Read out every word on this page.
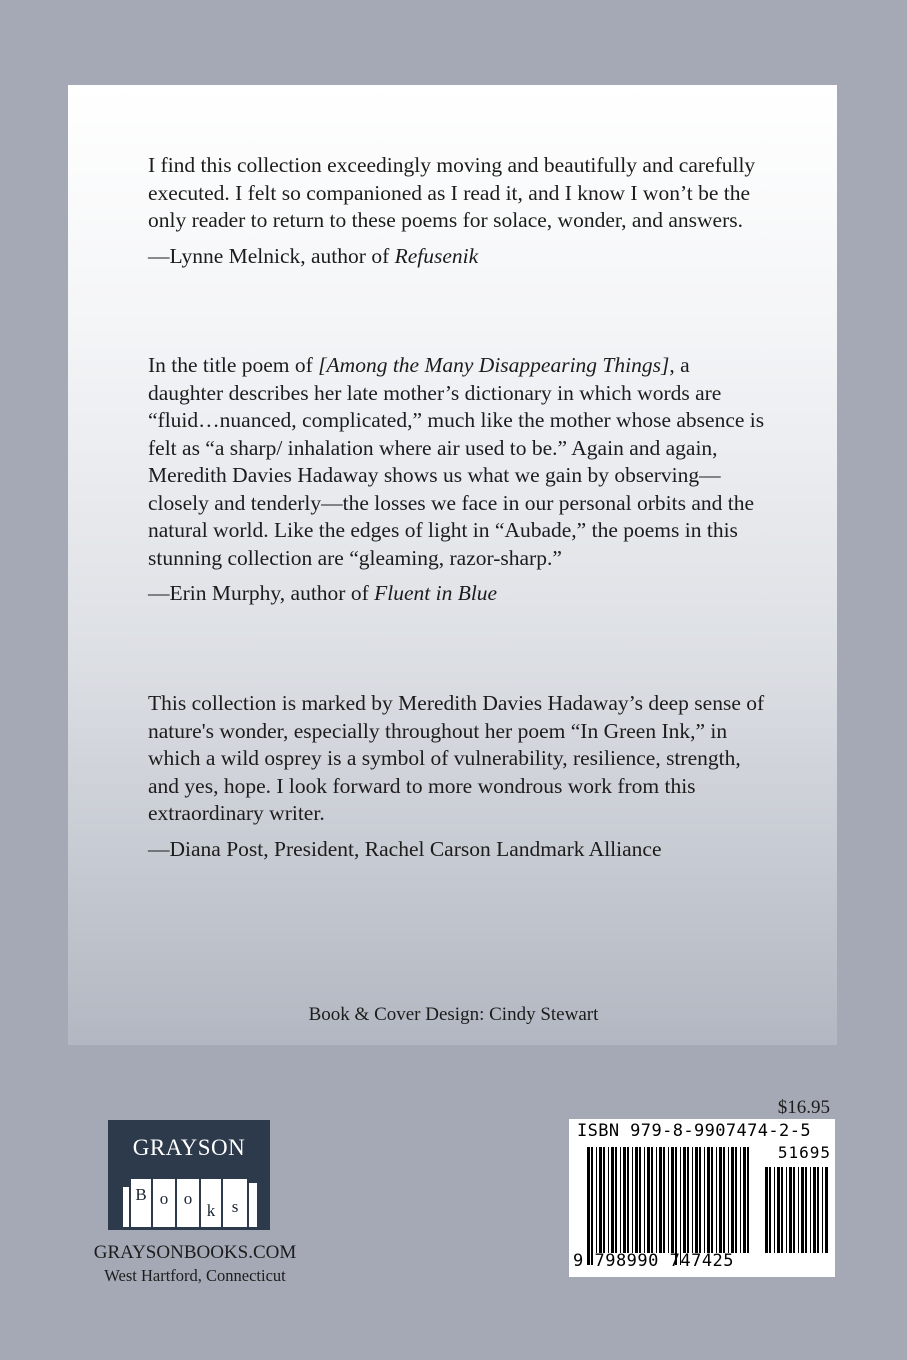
I find this collection exceedingly moving and beautifully and carefully executed. I felt so companioned as I read it, and I know I won’t be the only reader to return to these poems for solace, wonder, and answers.

—Lynne Melnick, author of Refusenik

In the title poem of [Among the Many Disappearing Things], a daughter describes her late mother’s dictionary in which words are “fluid…nuanced, complicated,” much like the mother whose absence is felt as “a sharp/ inhalation where air used to be.” Again and again, Meredith Davies Hadaway shows us what we gain by observing—closely and tenderly—the losses we face in our personal orbits and the natural world. Like the edges of light in “Aubade,” the poems in this stunning collection are “gleaming, razor-sharp.”

—Erin Murphy, author of Fluent in Blue

This collection is marked by Meredith Davies Hadaway’s deep sense of nature's wonder, especially throughout her poem “In Green Ink,” in which a wild osprey is a symbol of vulnerability, resilience, strength, and yes, hope. I look forward to more wondrous work from this extraordinary writer.

—Diana Post, President, Rachel Carson Landmark Alliance

Book & Cover Design: Cindy Stewart
GRAYSON
B o o
k s
GRAYSONBOOKS.COM
West Hartford, Connecticut
$16.95
ISBN 979-8-9907474-2-5
51695
9 798990 747425
